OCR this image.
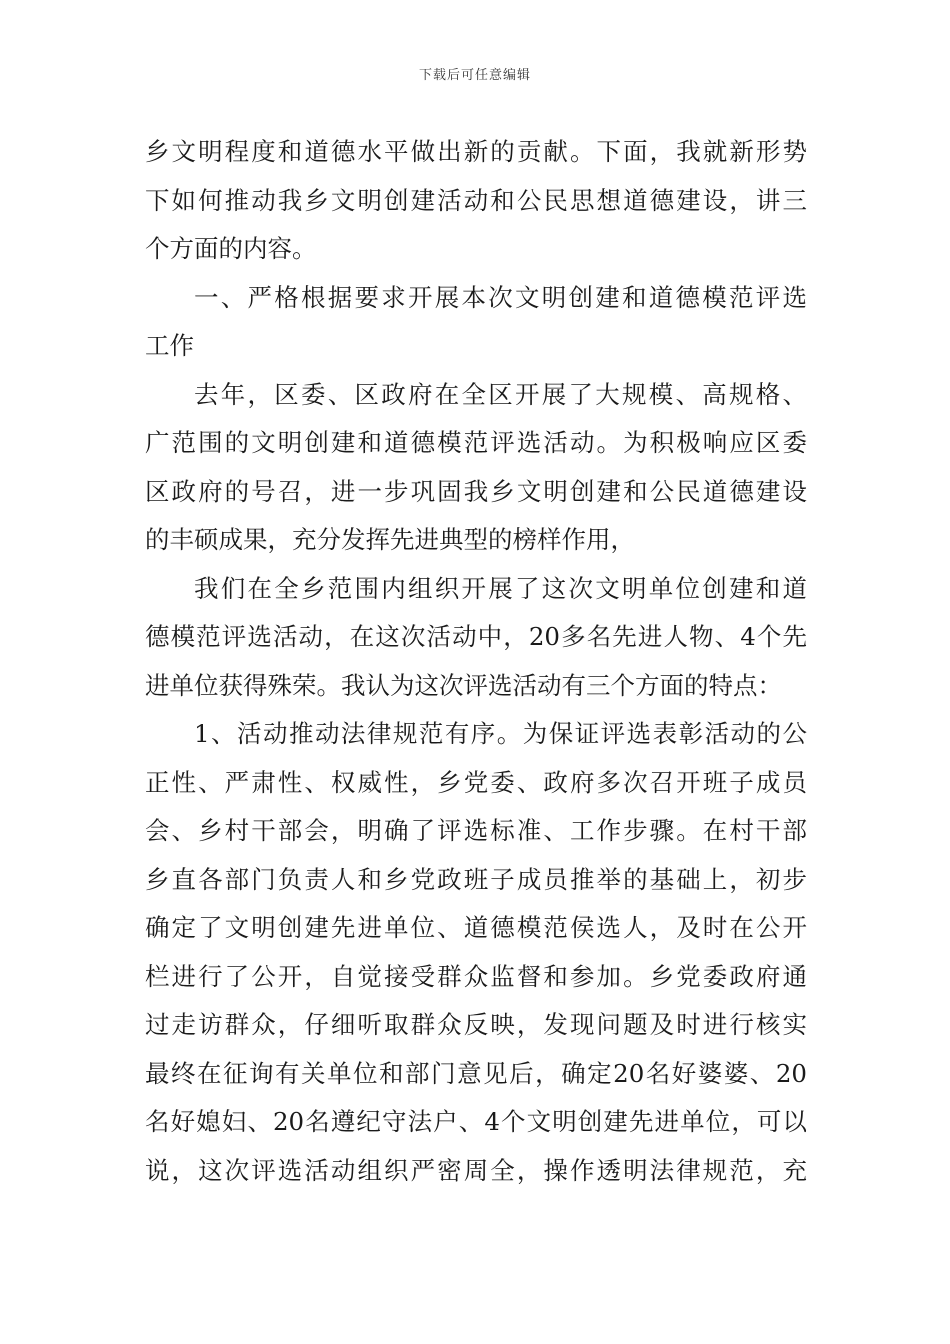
下载后可任意编辑
乡文明程度和道德水平做出新的贡献。下面，我就新形势
下如何推动我乡文明创建活动和公民思想道德建设，讲三
个方面的内容。
一、严格根据要求开展本次文明创建和道德模范评选
工作
去年，区委、区政府在全区开展了大规模、高规格、
广范围的文明创建和道德模范评选活动。为积极响应区委
区政府的号召，进一步巩固我乡文明创建和公民道德建设
的丰硕成果，充分发挥先进典型的榜样作用，
我们在全乡范围内组织开展了这次文明单位创建和道
德模范评选活动，在这次活动中，20多名先进人物、4个先
进单位获得殊荣。我认为这次评选活动有三个方面的特点：
1、活动推动法律规范有序。为保证评选表彰活动的公
正性、严肃性、权威性，乡党委、政府多次召开班子成员
会、乡村干部会，明确了评选标准、工作步骤。在村干部
乡直各部门负责人和乡党政班子成员推举的基础上，初步
确定了文明创建先进单位、道德模范侯选人，及时在公开
栏进行了公开，自觉接受群众监督和参加。乡党委政府通
过走访群众，仔细听取群众反映，发现问题及时进行核实
最终在征询有关单位和部门意见后，确定20名好婆婆、20
名好媳妇、20名遵纪守法户、4个文明创建先进单位，可以
说，这次评选活动组织严密周全，操作透明法律规范，充
